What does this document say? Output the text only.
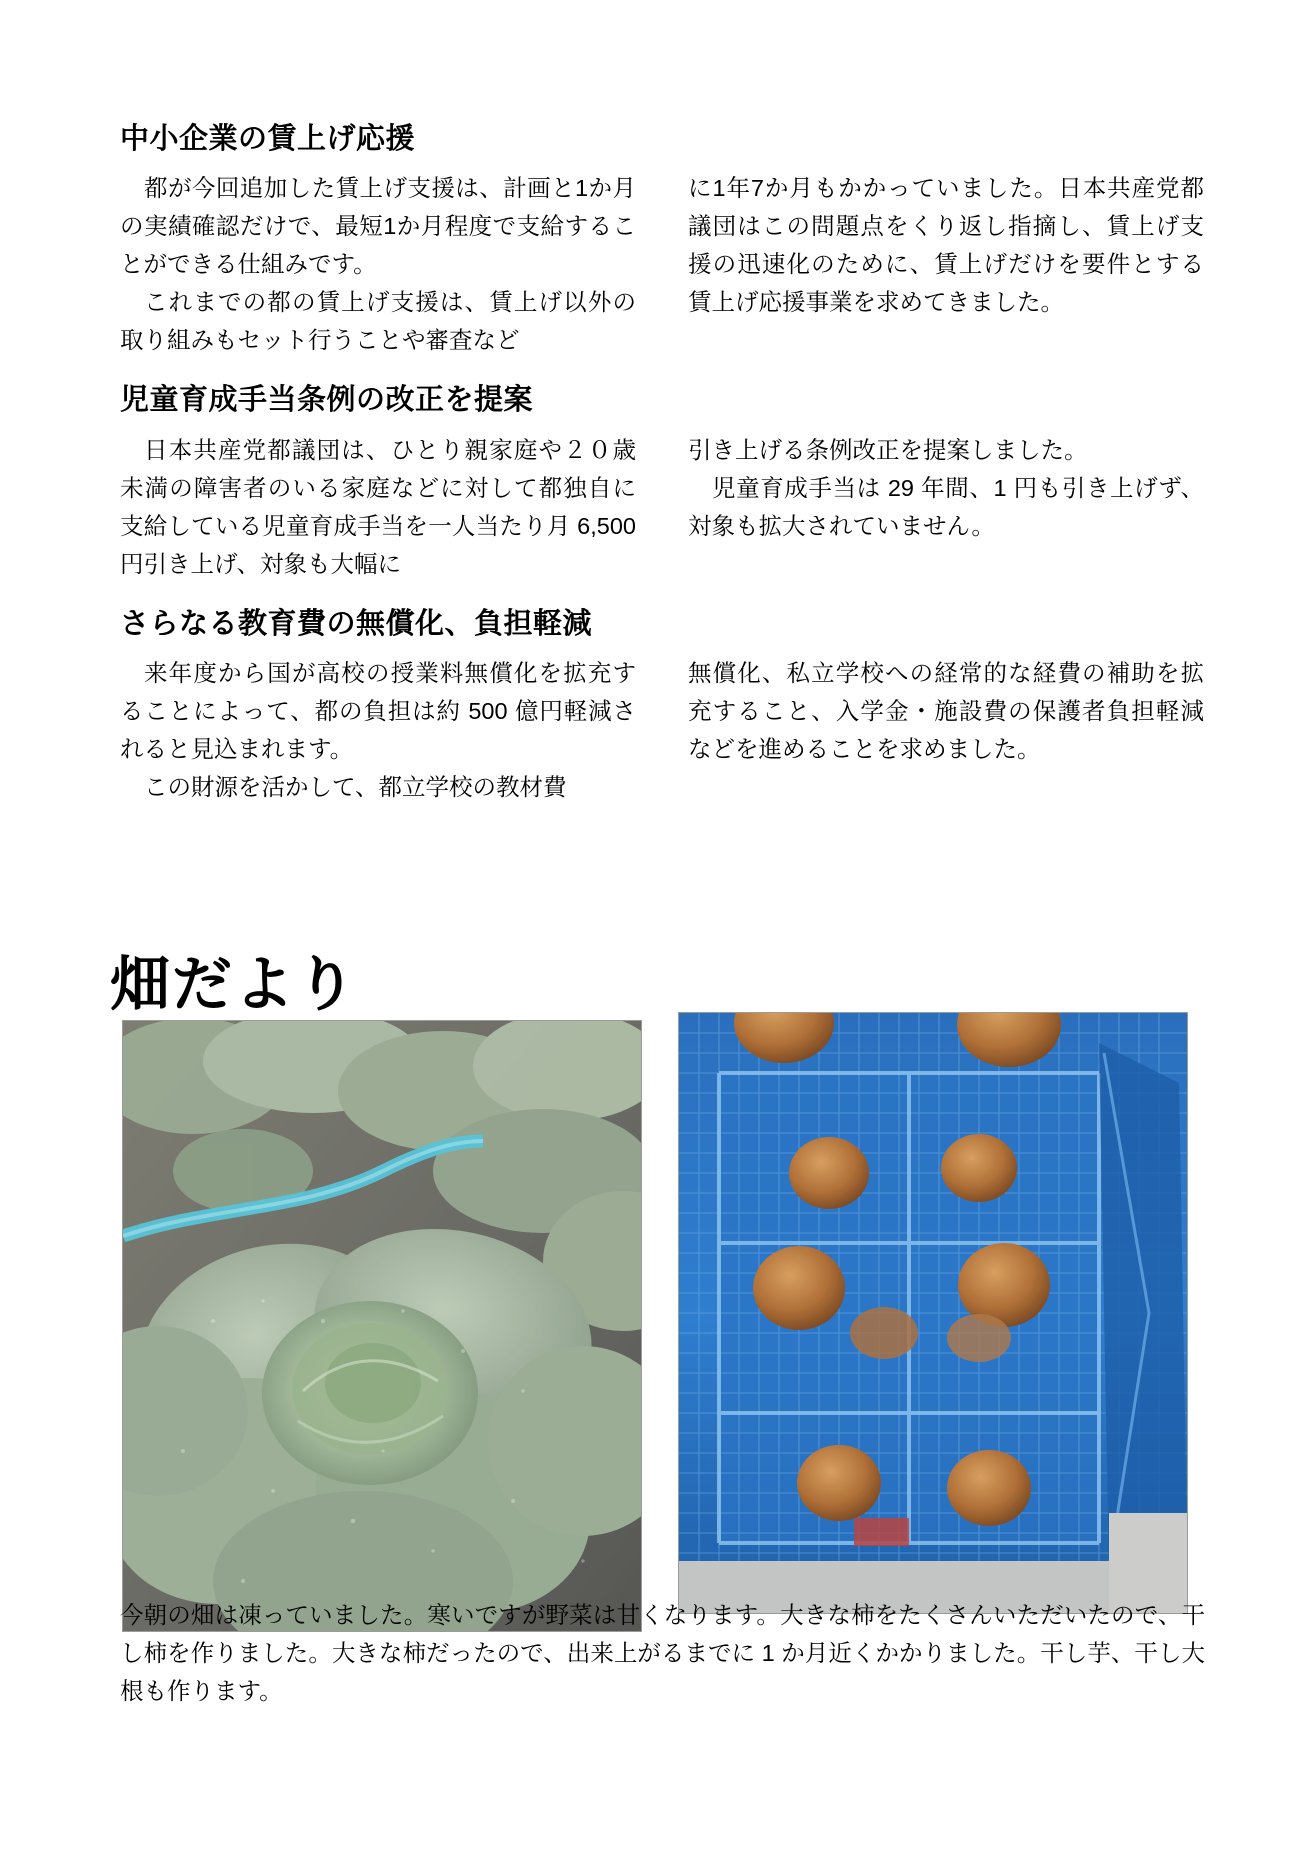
中小企業の賃上げ応援

都が今回追加した賃上げ支援は、計画と1か月の実績確認だけで、最短1か月程度で支給することができる仕組みです。

これまでの都の賃上げ支援は、賃上げ以外の取り組みもセット行うことや審査など

に1年7か月もかかっていました。日本共産党都議団はこの問題点をくり返し指摘し、賃上げ支援の迅速化のために、賃上げだけを要件とする賃上げ応援事業を求めてきました。

児童育成手当条例の改正を提案

日本共産党都議団は、ひとり親家庭や２０歳未満の障害者のいる家庭などに対して都独自に支給している児童育成手当を一人当たり月 6,500 円引き上げ、対象も大幅に

引き上げる条例改正を提案しました。

児童育成手当は 29 年間、1 円も引き上げず、対象も拡大されていません。

さらなる教育費の無償化、負担軽減

来年度から国が高校の授業料無償化を拡充することによって、都の負担は約 500 億円軽減されると見込まれます。

この財源を活かして、都立学校の教材費

無償化、私立学校への経常的な経費の補助を拡充すること、入学金・施設費の保護者負担軽減などを進めることを求めました。

畑だより

今朝の畑は凍っていました。寒いですが野菜は甘くなります。大きな柿をたくさんいただいたので、干し柿を作りました。大きな柿だったので、出来上がるまでに 1 か月近くかかりました。干し芋、干し大根も作ります。
